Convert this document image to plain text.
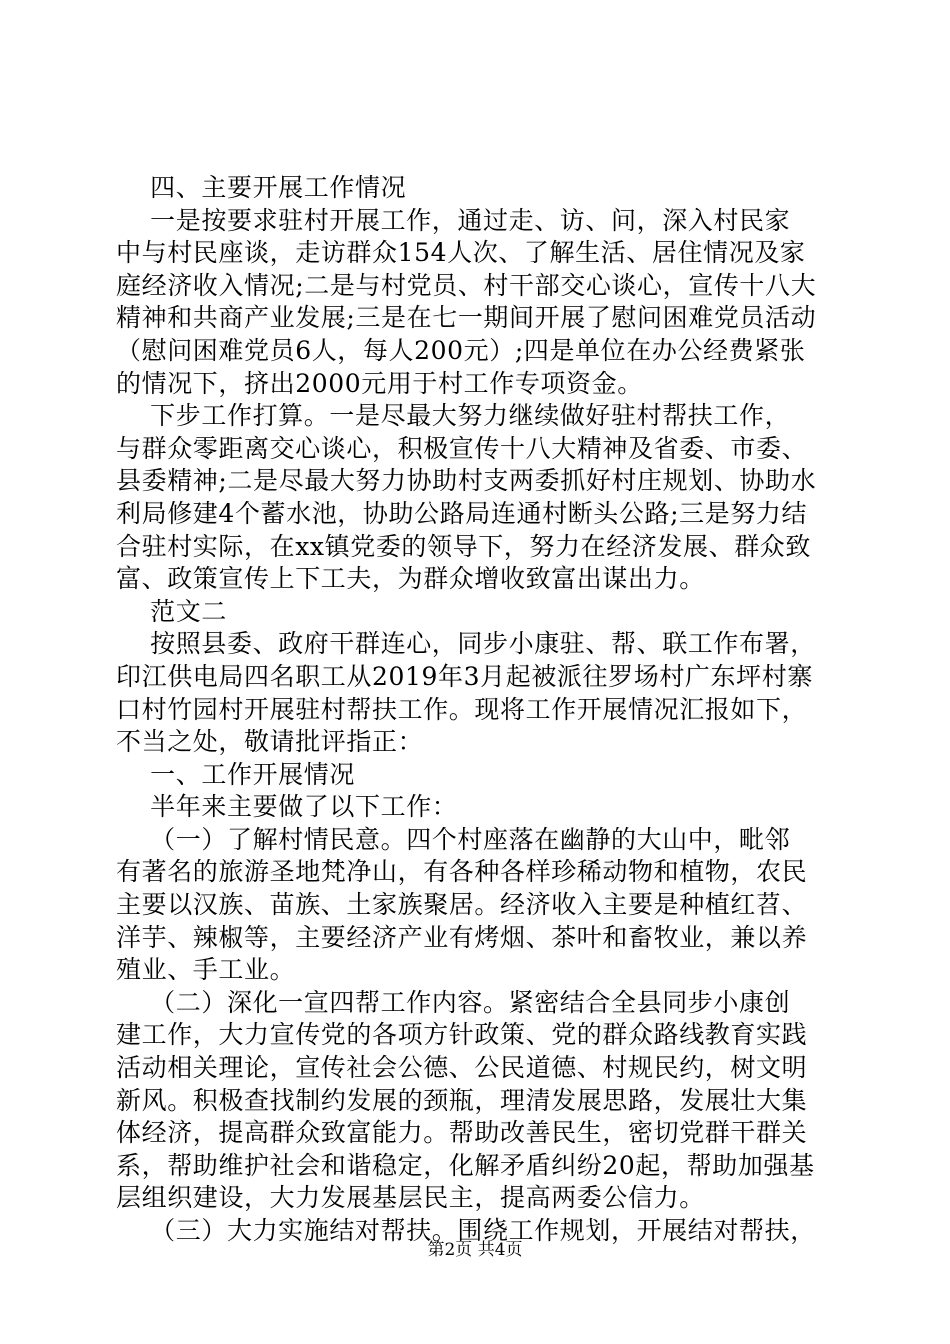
四、主要开展工作情况
一是按要求驻村开展工作，通过走、访、问，深入村民家
中与村民座谈，走访群众154人次、了解生活、居住情况及家
庭经济收入情况;二是与村党员、村干部交心谈心，宣传十八大
精神和共商产业发展;三是在七一期间开展了慰问困难党员活动
（慰问困难党员6人，每人200元）;四是单位在办公经费紧张
的情况下，挤出2000元用于村工作专项资金。
下步工作打算。一是尽最大努力继续做好驻村帮扶工作，
与群众零距离交心谈心，积极宣传十八大精神及省委、市委、
县委精神;二是尽最大努力协助村支两委抓好村庄规划、协助水
利局修建4个蓄水池，协助公路局连通村断头公路;三是努力结
合驻村实际，在xx镇党委的领导下，努力在经济发展、群众致
富、政策宣传上下工夫，为群众增收致富出谋出力。
范文二
按照县委、政府干群连心，同步小康驻、帮、联工作布署，
印江供电局四名职工从2019年3月起被派往罗场村广东坪村寨
口村竹园村开展驻村帮扶工作。现将工作开展情况汇报如下，
不当之处，敬请批评指正：
一、工作开展情况
半年来主要做了以下工作：
（一）了解村情民意。四个村座落在幽静的大山中，毗邻
有著名的旅游圣地梵净山，有各种各样珍稀动物和植物，农民
主要以汉族、苗族、土家族聚居。经济收入主要是种植红苕、
洋芋、辣椒等，主要经济产业有烤烟、茶叶和畜牧业，兼以养
殖业、手工业。
（二）深化一宣四帮工作内容。紧密结合全县同步小康创
建工作，大力宣传党的各项方针政策、党的群众路线教育实践
活动相关理论，宣传社会公德、公民道德、村规民约，树文明
新风。积极查找制约发展的颈瓶，理清发展思路，发展壮大集
体经济，提高群众致富能力。帮助改善民生，密切党群干群关
系，帮助维护社会和谐稳定，化解矛盾纠纷20起，帮助加强基
层组织建设，大力发展基层民主，提高两委公信力。
（三）大力实施结对帮扶。围绕工作规划，开展结对帮扶，
第2页 共4页
